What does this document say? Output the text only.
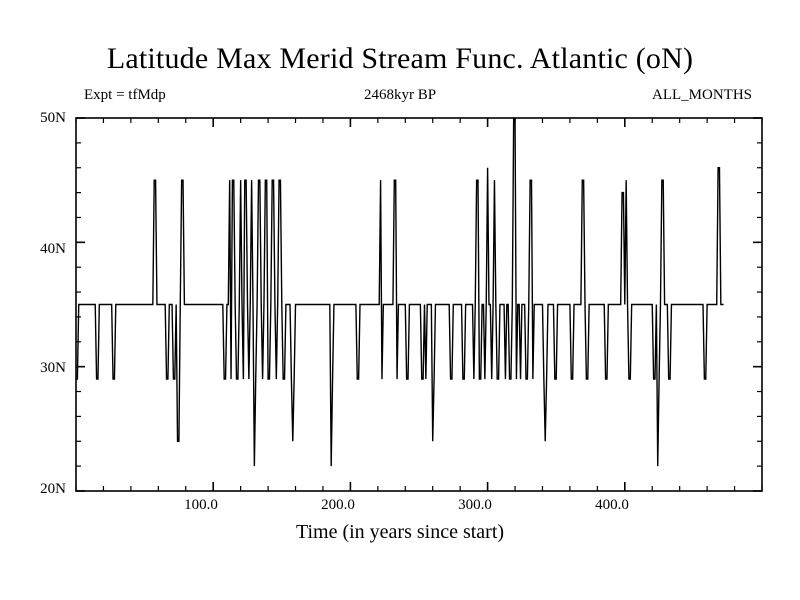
Latitude Max Merid Stream Func. Atlantic (oN)
Expt = tfMdp	2468kyr BP	ALL_MONTHS
50N
40N
30N
20N
100.0	200.0	300.0	400.0
Time (in years since start)
